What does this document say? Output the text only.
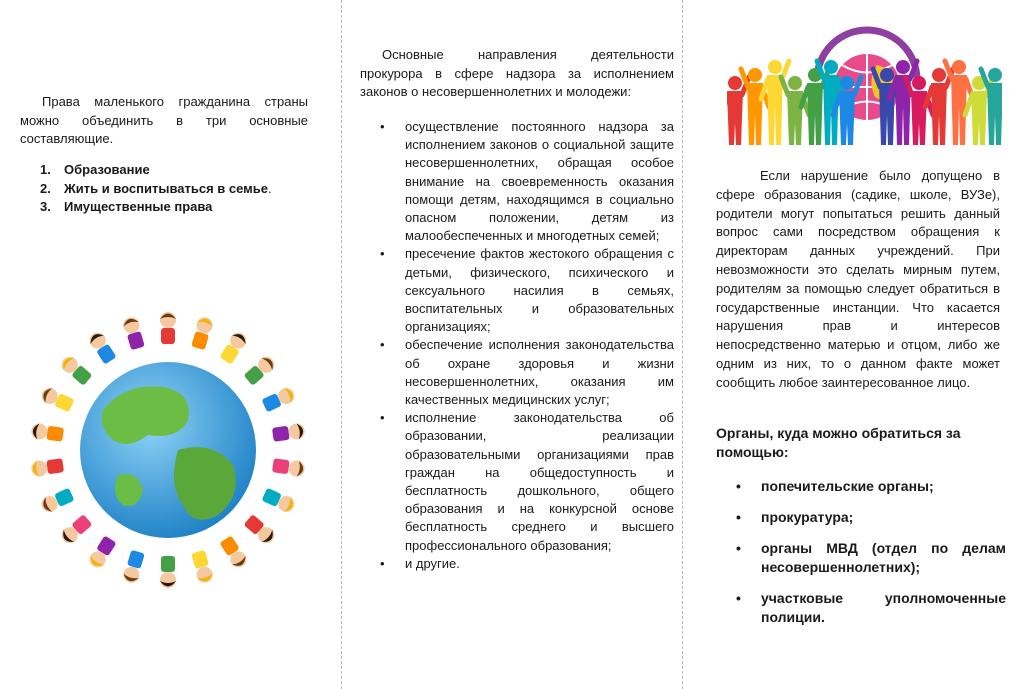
Права маленького гражданина страны можно объединить в три основные составляющие.

1.	Образование
2.	Жить и воспитываться в семье .
3.	Имущественные права

Основные направления деятельности прокурора в сфере надзора за исполнением законов о несовершеннолетних и молодежи:

• осуществление постоянного надзора за исполнением законов о социальной защите несовершеннолетних, обращая особое внимание на своевременность оказания помощи детям, находящимся в социально опасном положении, детям из малообеспеченных и многодетных семей;
• пресечение фактов жестокого обращения с детьми, физического, психического и сексуального насилия в семьях, воспитательных и образовательных организациях;
• обеспечение исполнения законодательства об охране здоровья и жизни несовершеннолетних, оказания им качественных медицинских услуг;
• исполнение законодательства об образовании, реализации образовательными организациями прав граждан на общедоступность и бесплатность дошкольного, общего образования и на конкурсной основе бесплатность среднего и высшего профессионального образования;
• и другие.

Если нарушение было допущено в сфере образования (садике, школе, ВУЗе), родители могут попытаться решить данный вопрос сами посредством обращения к директорам данных учреждений. При невозможности это сделать мирным путем, родителям за помощью следует обратиться в государственные инстанции. Что касается нарушения прав и интересов непосредственно матерью и отцом, либо же одним из них, то о данном факте может сообщить любое заинтересованное лицо.

Органы, куда можно обратиться за помощью:

• попечительские органы;
• прокуратура;
• органы МВД (отдел по делам несовершеннолетних);
• участковые уполномоченные полиции.
